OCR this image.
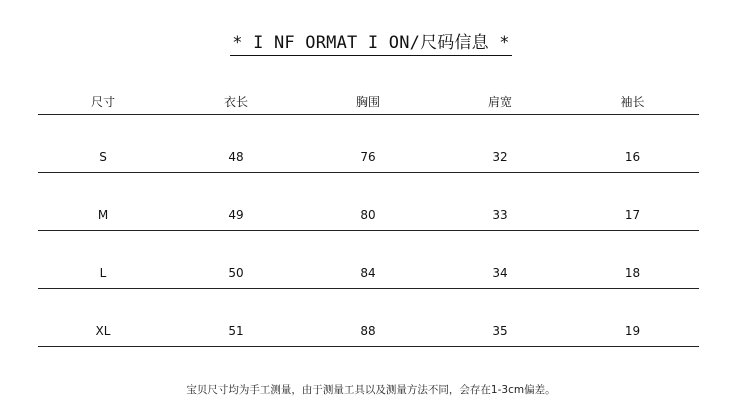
* I NF ORMAT I ON/尺码信息 *
尺寸	衣长	胸围	肩宽	袖长
S	48	76	32	16
M	49	80	33	17
L	50	84	34	18
XL	51	88	35	19
宝贝尺寸均为手工测量，由于测量工具以及测量方法不同，会存在1-3cm偏差。
